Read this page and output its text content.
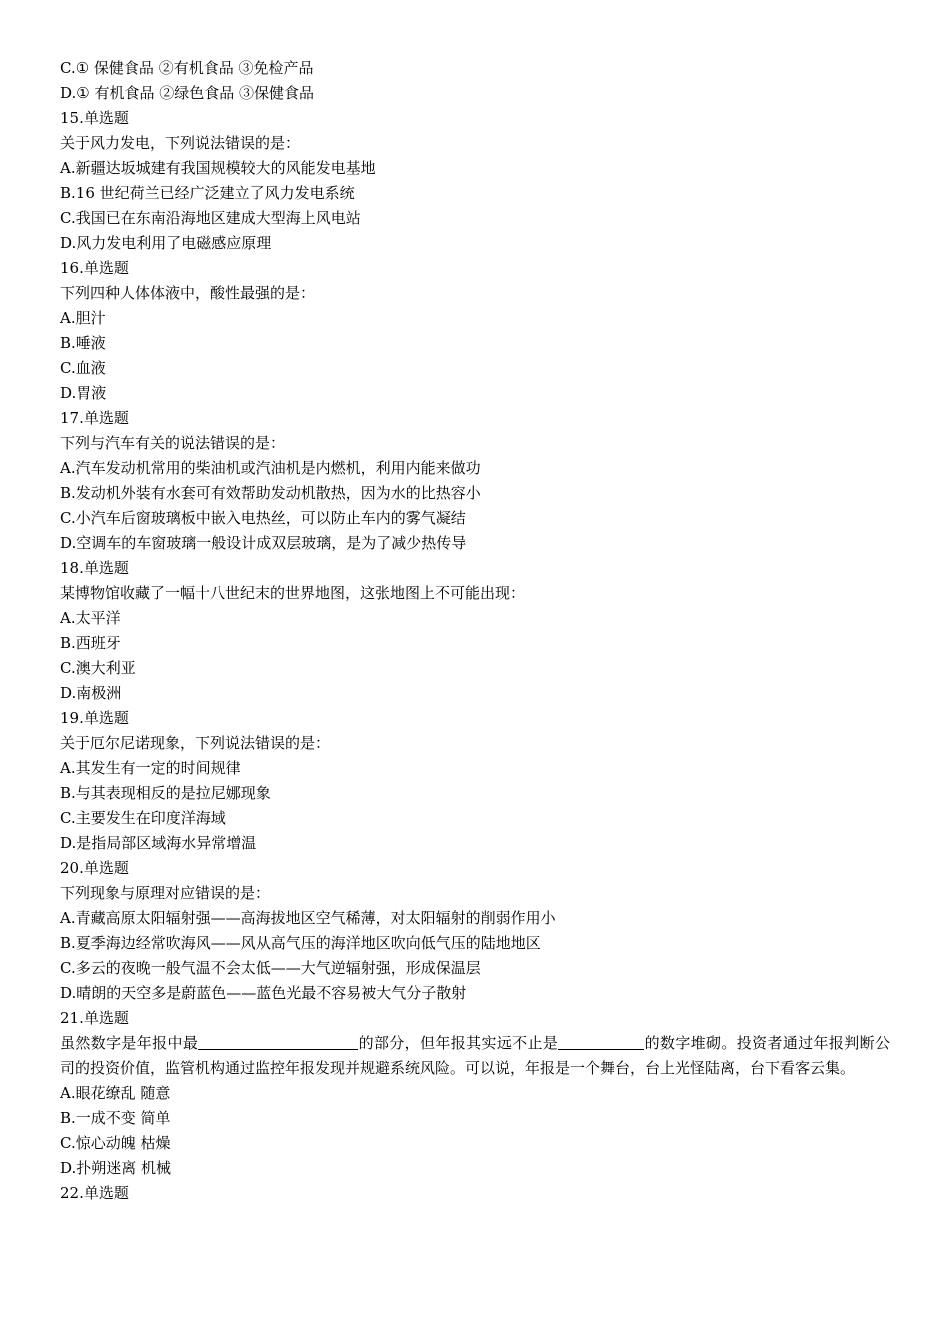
C.① 保健食品 ②有机食品 ③免检产品
D.① 有机食品 ②绿色食品 ③保健食品
15.单选题
关于风力发电，下列说法错误的是：
A.新疆达坂城建有我国规模较大的风能发电基地
B.16 世纪荷兰已经广泛建立了风力发电系统
C.我国已在东南沿海地区建成大型海上风电站
D.风力发电利用了电磁感应原理
16.单选题
下列四种人体体液中，酸性最强的是：
A.胆汁
B.唾液
C.血液
D.胃液
17.单选题
下列与汽车有关的说法错误的是：
A.汽车发动机常用的柴油机或汽油机是内燃机，利用内能来做功
B.发动机外装有水套可有效帮助发动机散热，因为水的比热容小
C.小汽车后窗玻璃板中嵌入电热丝，可以防止车内的雾气凝结
D.空调车的车窗玻璃一般设计成双层玻璃，是为了减少热传导
18.单选题
某博物馆收藏了一幅十八世纪末的世界地图，这张地图上不可能出现：
A.太平洋
B.西班牙
C.澳大利亚
D.南极洲
19.单选题
关于厄尔尼诺现象，下列说法错误的是：
A.其发生有一定的时间规律
B.与其表现相反的是拉尼娜现象
C.主要发生在印度洋海域
D.是指局部区域海水异常增温
20.单选题
下列现象与原理对应错误的是：
A.青藏高原太阳辐射强——高海拔地区空气稀薄，对太阳辐射的削弱作用小
B.夏季海边经常吹海风——风从高气压的海洋地区吹向低气压的陆地地区
C.多云的夜晚一般气温不会太低——大气逆辐射强，形成保温层
D.晴朗的天空多是蔚蓝色——蓝色光最不容易被大气分子散射
21.单选题
虽然数字是年报中最	的部分，但年报其实远不止是	的数字堆砌。投资者通过年报判断公司的投资价值，监管机构通过监控年报发现并规避系统风险。可以说，年报是一个舞台，台上光怪陆离，台下看客云集。
A.眼花缭乱 随意
B.一成不变 简单
C.惊心动魄 枯燥
D.扑朔迷离 机械
22.单选题
